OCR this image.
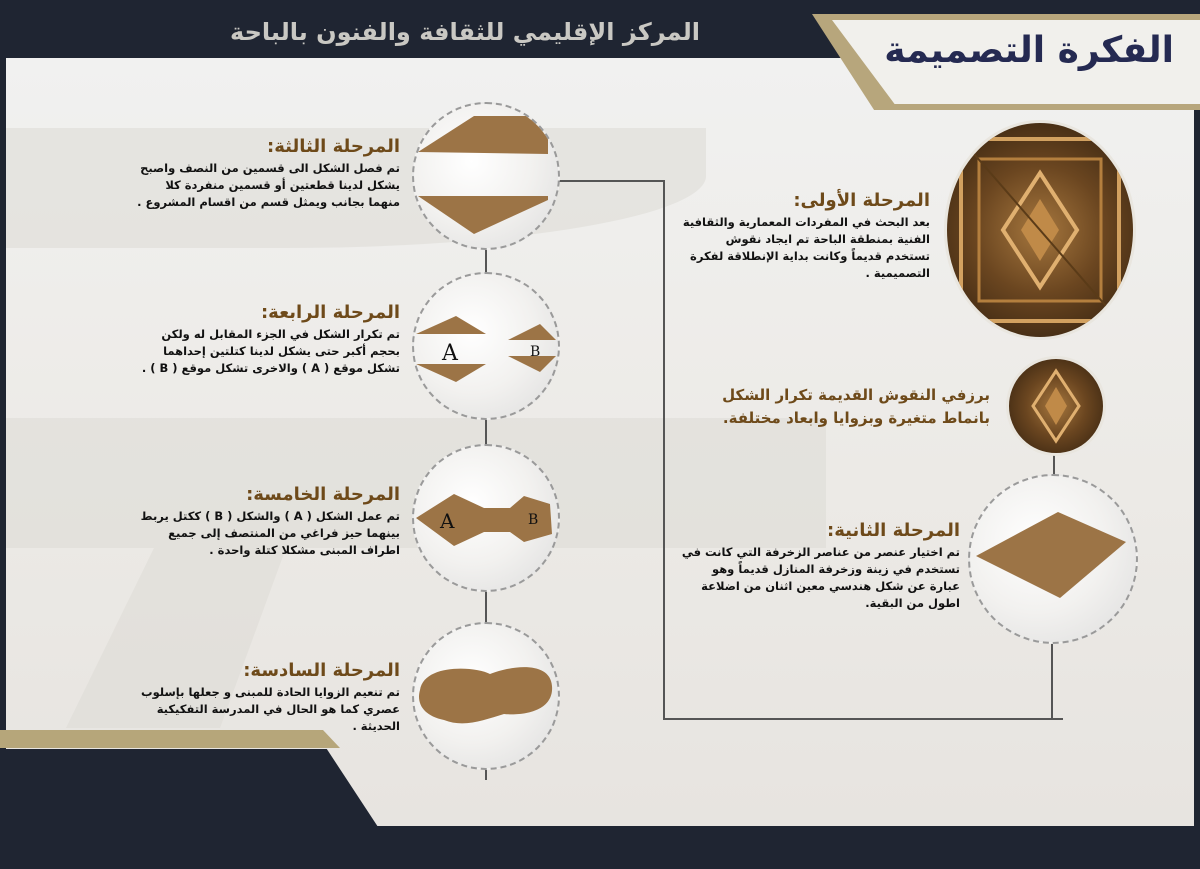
المركز الإقليمي للثقافة والفنون بالباحة	الفكرة التصميمة
A	B
A	B
المرحلة الثالثة:
تم فصل الشكل الى قسمين من النصف واصبح يشكل لدينا قطعتين أو قسمين منفردة كلا منهما بجانب ويمثل قسم من اقسام المشروع .
المرحلة الرابعة:
تم تكرار الشكل في الجزء المقابل له ولكن بحجم أكبر حتى يشكل لدينا كتلتين إحداهما تشكل موقع ( A ) والاخرى تشكل موقع ( B ) .
المرحلة الخامسة:
تم عمل الشكل ( A ) والشكل ( B ) ككتل يربط بينهما حيز فراغي من المنتصف إلى جميع اطراف المبنى مشكلا كتلة واحدة .
المرحلة السادسة:
تم تنعيم الزوايا الحادة للمبنى و جعلها بإسلوب عصري كما هو الحال في المدرسة التفكيكية الحديثة .
المرحلة الأولى:
بعد البحث في المفردات المعمارية والثقافية الفنية بمنطقة الباحة تم ايجاد نقوش تستخدم قديماً وكانت بداية الإنطلاقة لفكرة التصميمية .
المرحلة الثانية:
تم اختيار عنصر من عناصر الزخرفة التي كانت في تستخدم في زينة وزخرفة المنازل قديماً وهو عبارة عن شكل هندسي معين اثنان من اضلاعة اطول من البقية.
برزفي النقوش القديمة تكرار الشكل
بانماط متغيرة وبزوايا وابعاد مختلفة.
